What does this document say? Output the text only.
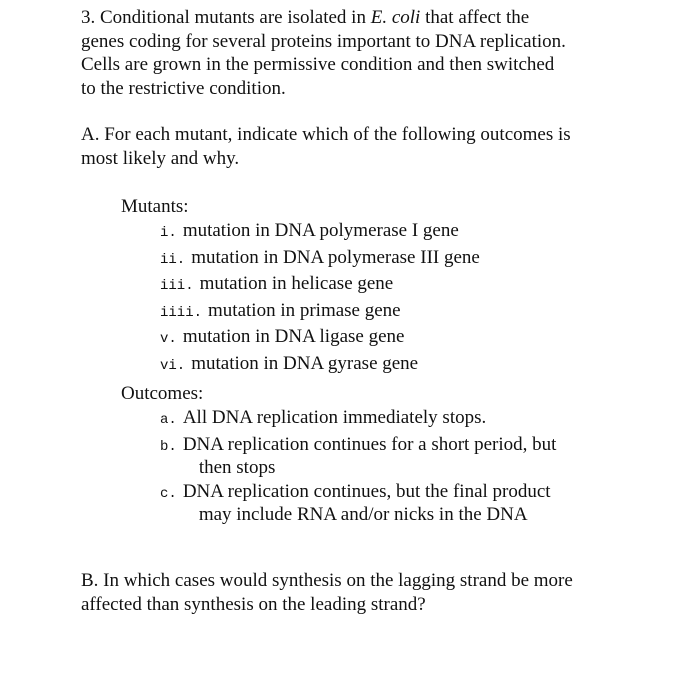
3. Conditional mutants are isolated in E. coli that affect the
genes coding for several proteins important to DNA replication.
Cells are grown in the permissive condition and then switched
to the restrictive condition.

A. For each mutant, indicate which of the following outcomes is
most likely and why.

Mutants:

i. mutation in DNA polymerase I gene
ii. mutation in DNA polymerase III gene
iii. mutation in helicase gene
iiii. mutation in primase gene
v. mutation in DNA ligase gene
vi. mutation in DNA gyrase gene

Outcomes:

a. All DNA replication immediately stops.
b. DNA replication continues for a short period, but
then stops
c. DNA replication continues, but the final product
may include RNA and/or nicks in the DNA

B. In which cases would synthesis on the lagging strand be more
affected than synthesis on the leading strand?
